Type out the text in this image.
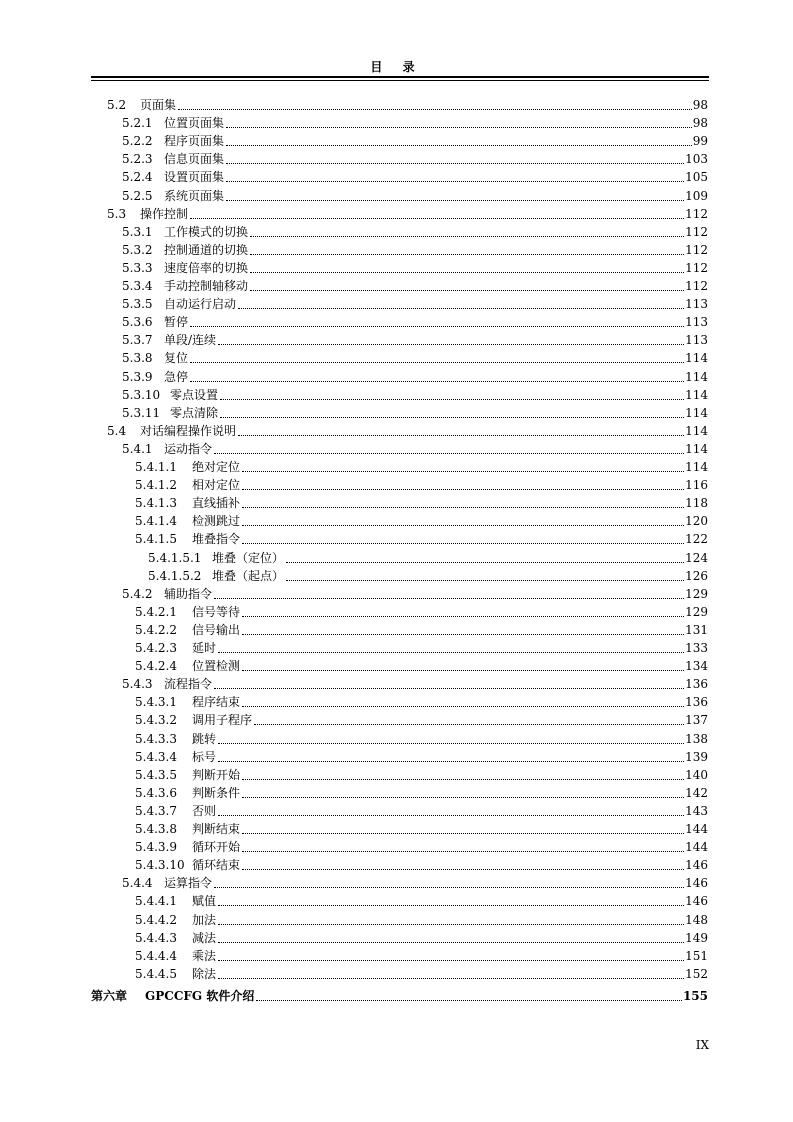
目 录
5.2	页面集	98
5.2.1 位置页面集	98
5.2.2 程序页面集	99
5.2.3 信息页面集	103
5.2.4 设置页面集	105
5.2.5 系统页面集	109
5.3	操作控制	112
5.3.1 工作模式的切换	112
5.3.2 控制通道的切换	112
5.3.3 速度倍率的切换	112
5.3.4 手动控制轴移动	112
5.3.5 自动运行启动	113
5.3.6 暂停	113
5.3.7 单段/连续	113
5.3.8 复位	114
5.3.9 急停	114
5.3.10 零点设置	114
5.3.11 零点清除	114
5.4	对话编程操作说明	114
5.4.1 运动指令	114
5.4.1.1	绝对定位	114
5.4.1.2	相对定位	116
5.4.1.3	直线插补	118
5.4.1.4	检测跳过	120
5.4.1.5	堆叠指令	122
5.4.1.5.1 堆叠（定位）	124
5.4.1.5.2 堆叠（起点）	126
5.4.2 辅助指令	129
5.4.2.1	信号等待	129
5.4.2.2	信号输出	131
5.4.2.3	延时	133
5.4.2.4	位置检测	134
5.4.3 流程指令	136
5.4.3.1	程序结束	136
5.4.3.2	调用子程序	137
5.4.3.3	跳转	138
5.4.3.4	标号	139
5.4.3.5	判断开始	140
5.4.3.6	判断条件	142
5.4.3.7	否则	143
5.4.3.8	判断结束	144
5.4.3.9	循环开始	144
5.4.3.10 循环结束	146
5.4.4 运算指令	146
5.4.4.1	赋值	146
5.4.4.2	加法	148
5.4.4.3	减法	149
5.4.4.4	乘法	151
5.4.4.5	除法	152
第六章	GPCCFG 软件介绍	155
IX
